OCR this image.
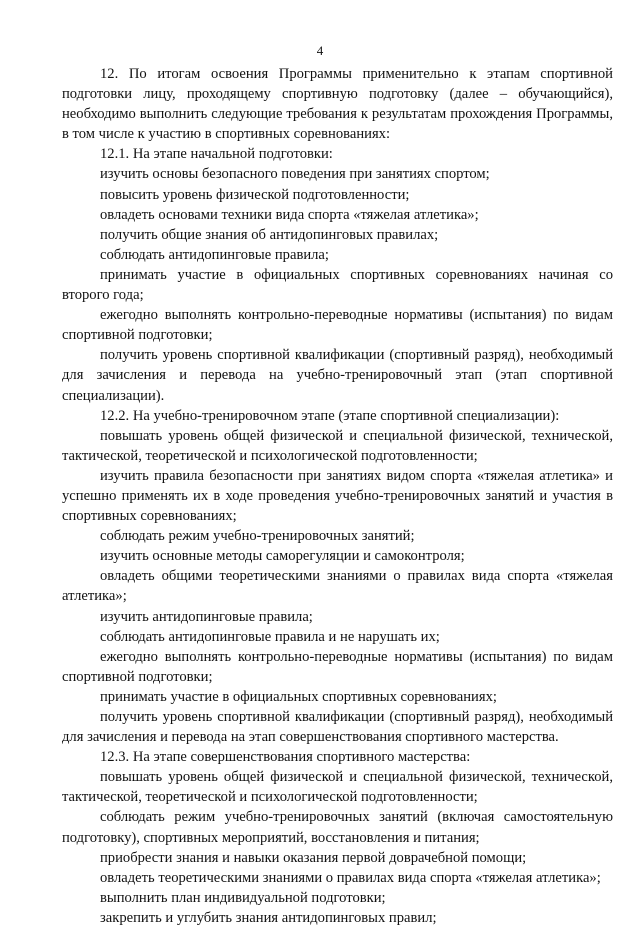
4

12. По итогам освоения Программы применительно к этапам спортивной подготовки лицу, проходящему спортивную подготовку (далее – обучающийся), необходимо выполнить следующие требования к результатам прохождения Программы, в том числе к участию в спортивных соревнованиях:

12.1. На этапе начальной подготовки:

изучить основы безопасного поведения при занятиях спортом;

повысить уровень физической подготовленности;

овладеть основами техники вида спорта «тяжелая атлетика»;

получить общие знания об антидопинговых правилах;

соблюдать антидопинговые правила;

принимать участие в официальных спортивных соревнованиях начиная со второго года;

ежегодно выполнять контрольно-переводные нормативы (испытания) по видам спортивной подготовки;

получить уровень спортивной квалификации (спортивный разряд), необходимый для зачисления и перевода на учебно-тренировочный этап (этап спортивной специализации).

12.2. На учебно-тренировочном этапе (этапе спортивной специализации):

повышать уровень общей физической и специальной физической, технической, тактической, теоретической и психологической подготовленности;

изучить правила безопасности при занятиях видом спорта «тяжелая атлетика» и успешно применять их в ходе проведения учебно-тренировочных занятий и участия в спортивных соревнованиях;

соблюдать режим учебно-тренировочных занятий;

изучить основные методы саморегуляции и самоконтроля;

овладеть общими теоретическими знаниями о правилах вида спорта «тяжелая атлетика»;

изучить антидопинговые правила;

соблюдать антидопинговые правила и не нарушать их;

ежегодно выполнять контрольно-переводные нормативы (испытания) по видам спортивной подготовки;

принимать участие в официальных спортивных соревнованиях;

получить уровень спортивной квалификации (спортивный разряд), необходимый для зачисления и перевода на этап совершенствования спортивного мастерства.

12.3. На этапе совершенствования спортивного мастерства:

повышать уровень общей физической и специальной физической, технической, тактической, теоретической и психологической подготовленности;

соблюдать режим учебно-тренировочных занятий (включая самостоятельную подготовку), спортивных мероприятий, восстановления и питания;

приобрести знания и навыки оказания первой доврачебной помощи;

овладеть теоретическими знаниями о правилах вида спорта «тяжелая атлетика»;

выполнить план индивидуальной подготовки;

закрепить и углубить знания антидопинговых правил;
